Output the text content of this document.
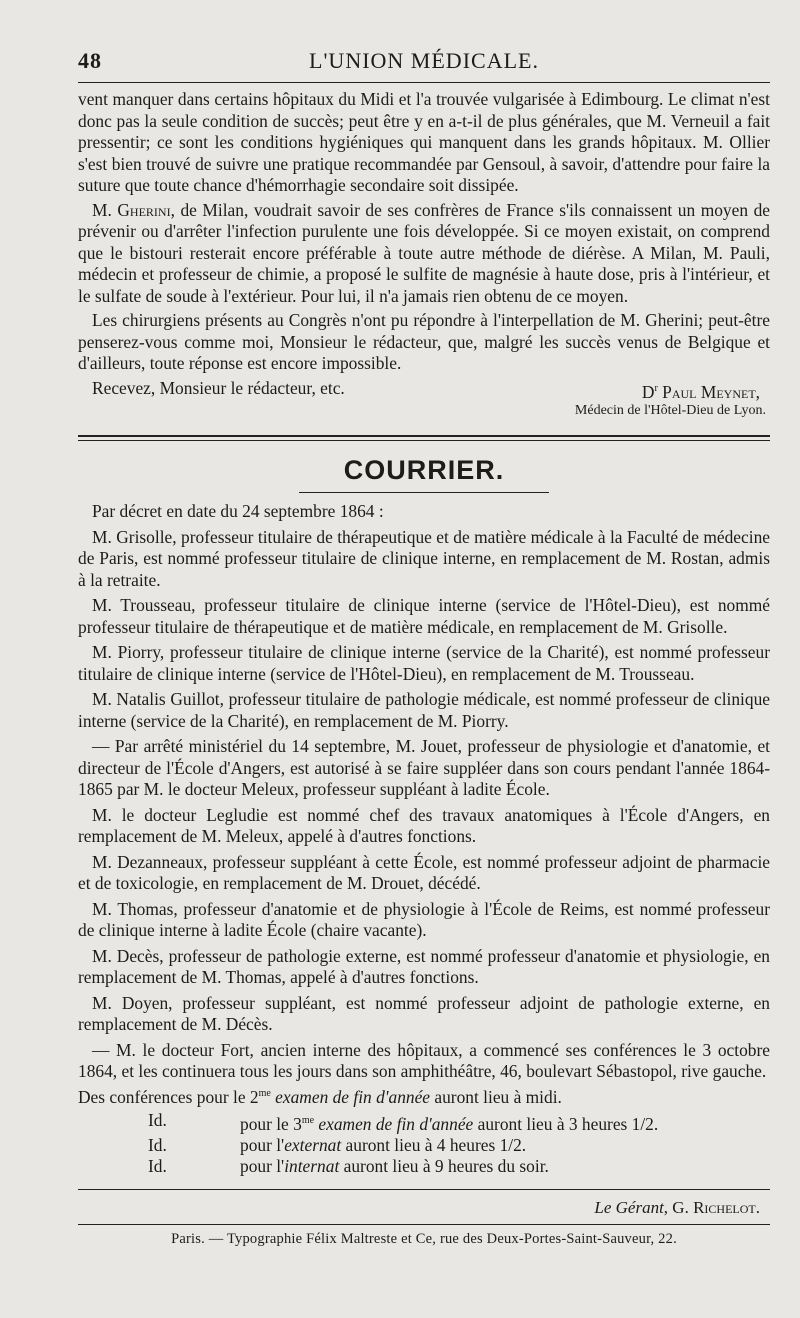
48	L'UNION MÉDICALE.

vent manquer dans certains hôpitaux du Midi et l'a trouvée vulgarisée à Edimbourg. Le climat n'est donc pas la seule condition de succès; peut être y en a-t-il de plus générales, que M. Verneuil a fait pressentir; ce sont les conditions hygiéniques qui manquent dans les grands hôpitaux. M. Ollier s'est bien trouvé de suivre une pratique recommandée par Gensoul, à savoir, d'attendre pour faire la suture que toute chance d'hémorrhagie secondaire soit dissipée.

M. Gherini, de Milan, voudrait savoir de ses confrères de France s'ils connaissent un moyen de prévenir ou d'arrêter l'infection purulente une fois développée. Si ce moyen existait, on comprend que le bistouri resterait encore préférable à toute autre méthode de diérèse. A Milan, M. Pauli, médecin et professeur de chimie, a proposé le sulfite de magnésie à haute dose, pris à l'intérieur, et le sulfate de soude à l'extérieur. Pour lui, il n'a jamais rien obtenu de ce moyen.

Les chirurgiens présents au Congrès n'ont pu répondre à l'interpellation de M. Gherini; peut-être penserez-vous comme moi, Monsieur le rédacteur, que, malgré les succès venus de Belgique et d'ailleurs, toute réponse est encore impossible.

Recevez, Monsieur le rédacteur, etc.	$D^r$ Paul Meynet,
Médecin de l'Hôtel-Dieu de Lyon.
COURRIER.

Par décret en date du 24 septembre 1864 :

M. Grisolle, professeur titulaire de thérapeutique et de matière médicale à la Faculté de médecine de Paris, est nommé professeur titulaire de clinique interne, en remplacement de M. Rostan, admis à la retraite.

M. Trousseau, professeur titulaire de clinique interne (service de l'Hôtel-Dieu), est nommé professeur titulaire de thérapeutique et de matière médicale, en remplacement de M. Grisolle.

M. Piorry, professeur titulaire de clinique interne (service de la Charité), est nommé professeur titulaire de clinique interne (service de l'Hôtel-Dieu), en remplacement de M. Trousseau.

M. Natalis Guillot, professeur titulaire de pathologie médicale, est nommé professeur de clinique interne (service de la Charité), en remplacement de M. Piorry.

— Par arrêté ministériel du 14 septembre, M. Jouet, professeur de physiologie et d'anatomie, et directeur de l'École d'Angers, est autorisé à se faire suppléer dans son cours pendant l'année 1864-1865 par M. le docteur Meleux, professeur suppléant à ladite École.

M. le docteur Legludie est nommé chef des travaux anatomiques à l'École d'Angers, en remplacement de M. Meleux, appelé à d'autres fonctions.

M. Dezanneaux, professeur suppléant à cette École, est nommé professeur adjoint de pharmacie et de toxicologie, en remplacement de M. Drouet, décédé.

M. Thomas, professeur d'anatomie et de physiologie à l'École de Reims, est nommé professeur de clinique interne à ladite École (chaire vacante).

M. Decès, professeur de pathologie externe, est nommé professeur d'anatomie et physiologie, en remplacement de M. Thomas, appelé à d'autres fonctions.

M. Doyen, professeur suppléant, est nommé professeur adjoint de pathologie externe, en remplacement de M. Décès.

— M. le docteur Fort, ancien interne des hôpitaux, a commencé ses conférences le 3 octobre 1864, et les continuera tous les jours dans son amphithéâtre, 46, boulevart Sébastopol, rive gauche.

Des conférences pour le $2^{me}$ examen de fin d'année auront lieu à midi.

Id.	pour le $3^{me}$ examen de fin d'année auront lieu à 3 heures 1/2.
Id.	pour l'externat auront lieu à 4 heures 1/2.
Id.	pour l'internat auront lieu à 9 heures du soir.
Le Gérant, G. Richelot.
Paris. — Typographie Félix Maltreste et Ce, rue des Deux-Portes-Saint-Sauveur, 22.
